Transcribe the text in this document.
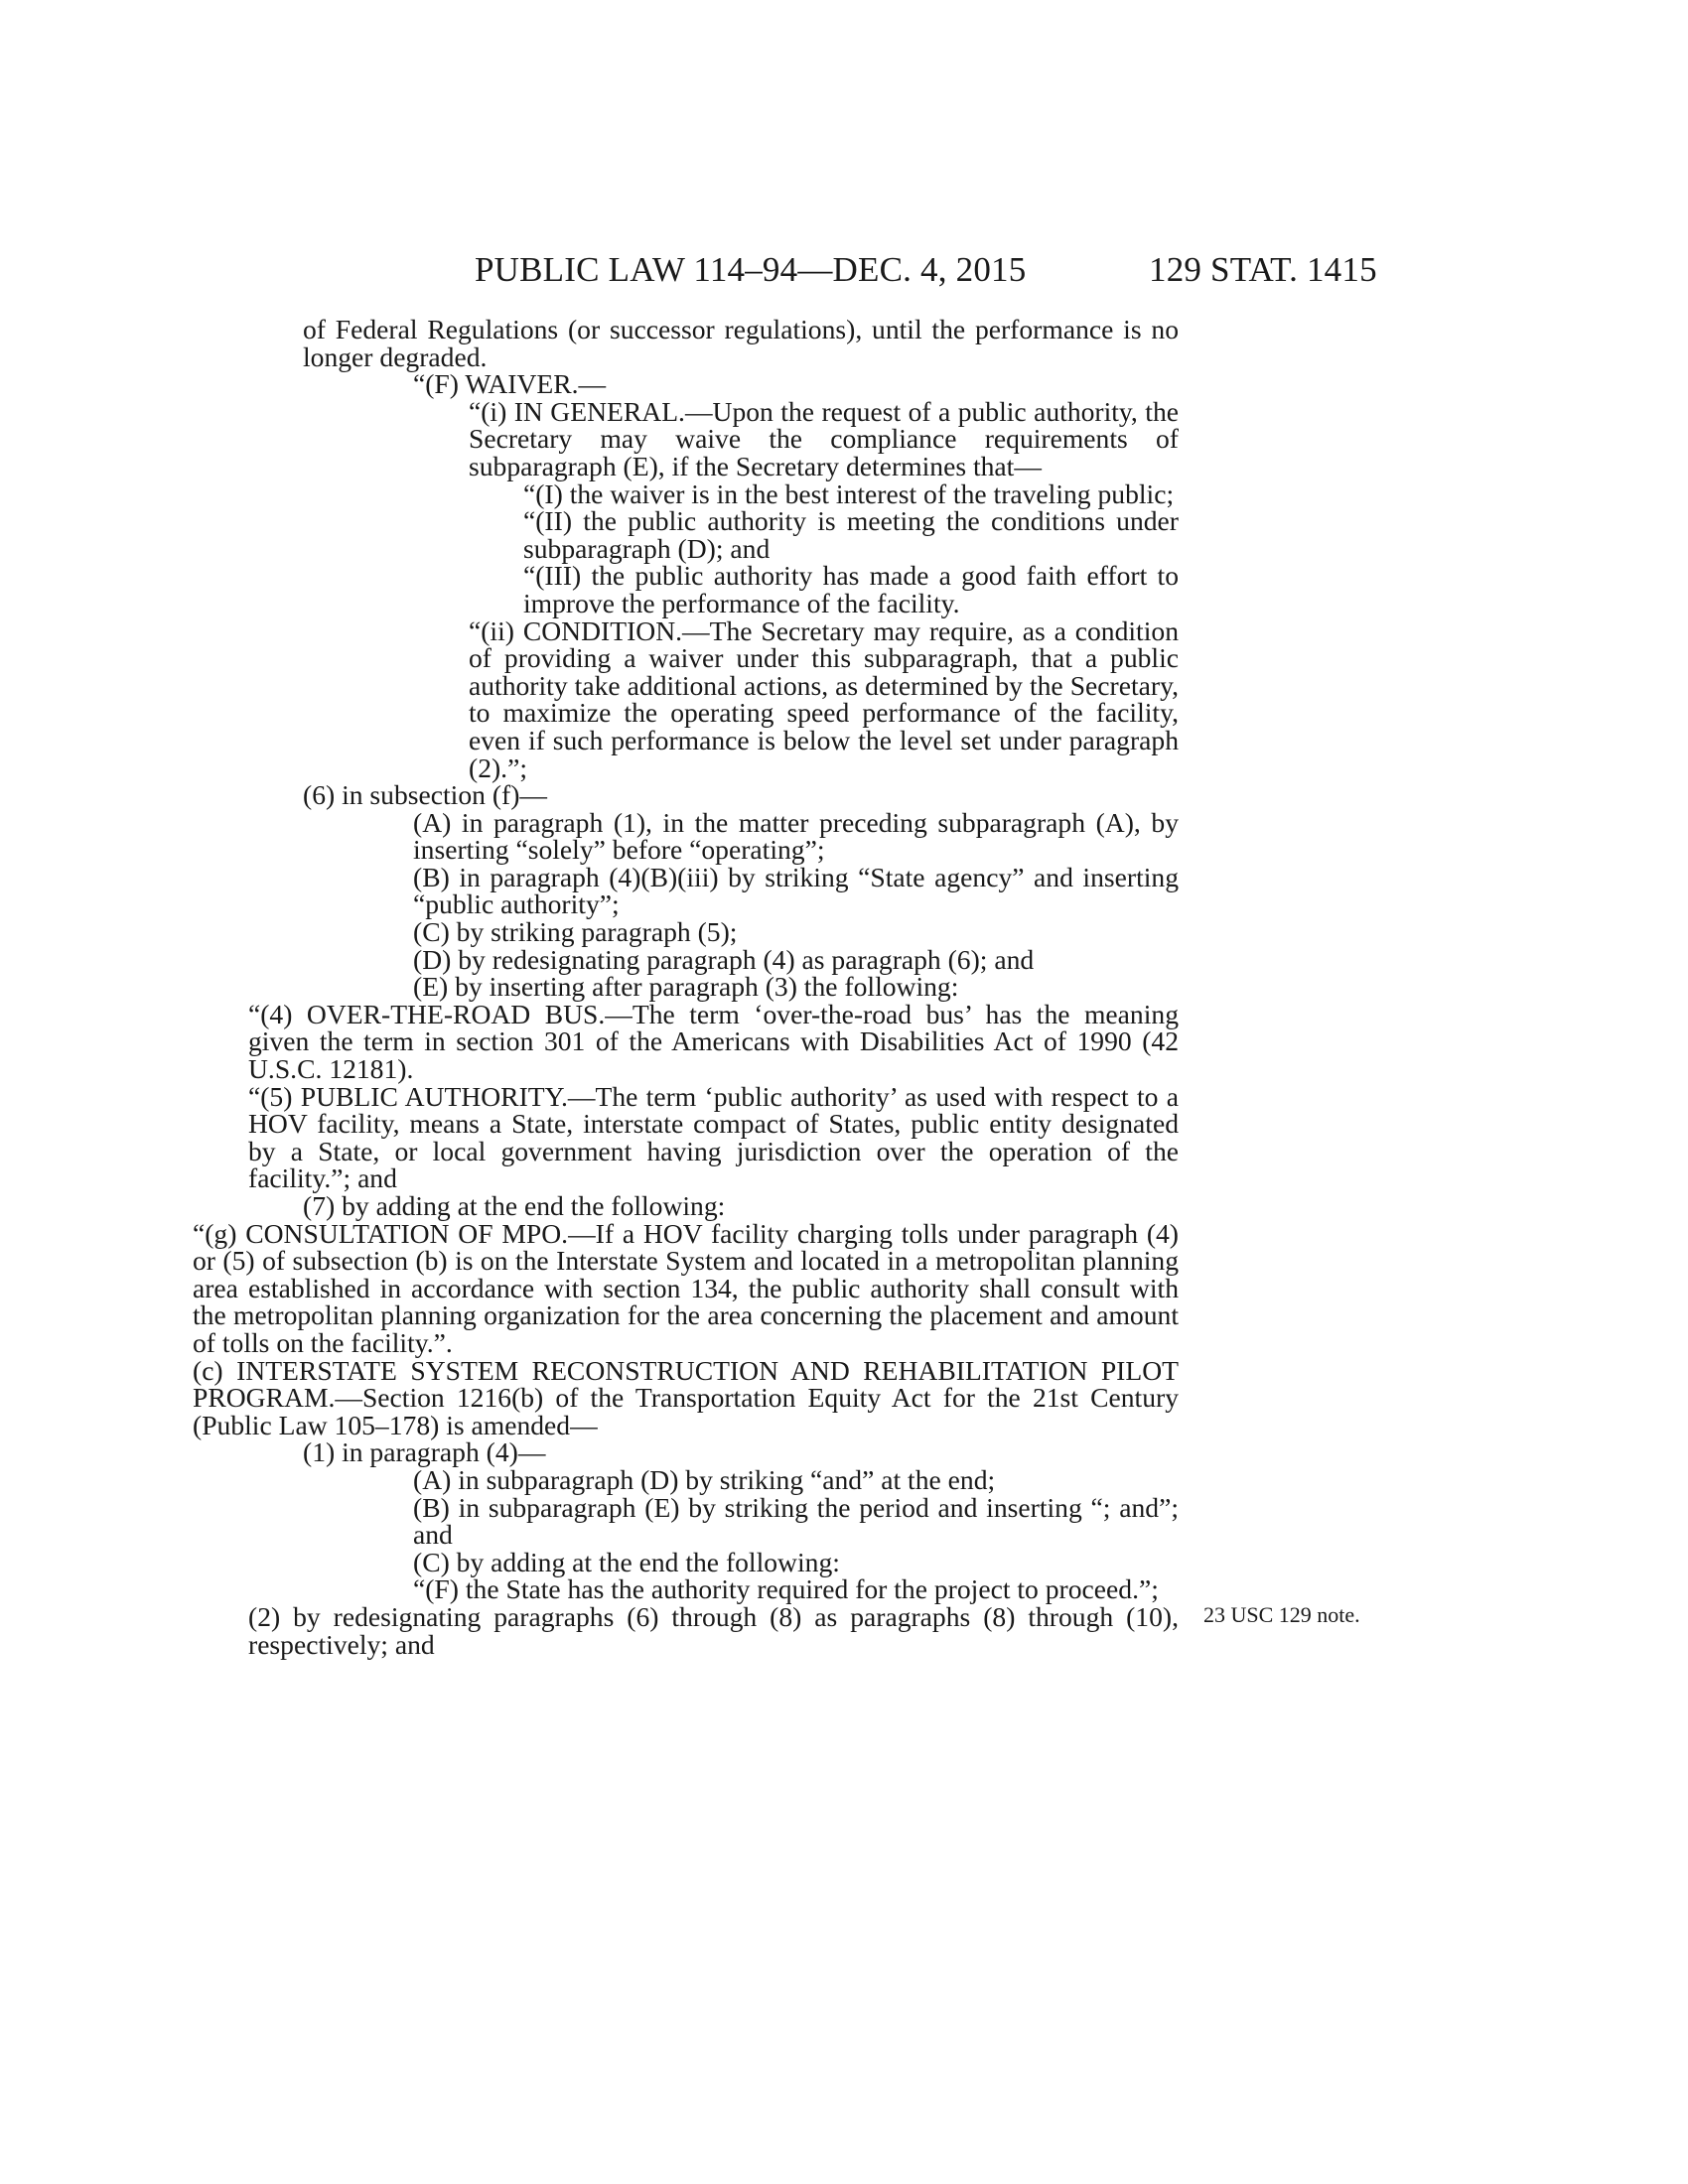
PUBLIC LAW 114–94—DEC. 4, 2015	129 STAT. 1415

of Federal Regulations (or successor regulations), until the performance is no longer degraded.

“(F) WAIVER.—

“(i) IN GENERAL.—Upon the request of a public authority, the Secretary may waive the compliance requirements of subparagraph (E), if the Secretary determines that—

“(I) the waiver is in the best interest of the traveling public;

“(II) the public authority is meeting the conditions under subparagraph (D); and

“(III) the public authority has made a good faith effort to improve the performance of the facility.

“(ii) CONDITION.—The Secretary may require, as a condition of providing a waiver under this subparagraph, that a public authority take additional actions, as determined by the Secretary, to maximize the operating speed performance of the facility, even if such performance is below the level set under paragraph (2).”;

(6) in subsection (f)—

(A) in paragraph (1), in the matter preceding subparagraph (A), by inserting “solely” before “operating”;

(B) in paragraph (4)(B)(iii) by striking “State agency” and inserting “public authority”;

(C) by striking paragraph (5);

(D) by redesignating paragraph (4) as paragraph (6); and

(E) by inserting after paragraph (3) the following:

“(4) OVER-THE-ROAD BUS.—The term ‘over-the-road bus’ has the meaning given the term in section 301 of the Americans with Disabilities Act of 1990 (42 U.S.C. 12181).

“(5) PUBLIC AUTHORITY.—The term ‘public authority’ as used with respect to a HOV facility, means a State, interstate compact of States, public entity designated by a State, or local government having jurisdiction over the operation of the facility.”; and

(7) by adding at the end the following:

“(g) CONSULTATION OF MPO.—If a HOV facility charging tolls under paragraph (4) or (5) of subsection (b) is on the Interstate System and located in a metropolitan planning area established in accordance with section 134, the public authority shall consult with the metropolitan planning organization for the area concerning the placement and amount of tolls on the facility.”.

(c) INTERSTATE SYSTEM RECONSTRUCTION AND REHABILITATION PILOT PROGRAM.—Section 1216(b) of the Transportation Equity Act for the 21st Century (Public Law 105–178) is amended—

(1) in paragraph (4)—

(A) in subparagraph (D) by striking “and” at the end;

(B) in subparagraph (E) by striking the period and inserting “; and”; and

(C) by adding at the end the following:

“(F) the State has the authority required for the project to proceed.”;

(2) by redesignating paragraphs (6) through (8) as paragraphs (8) through (10), respectively; and

23 USC 129 note.
